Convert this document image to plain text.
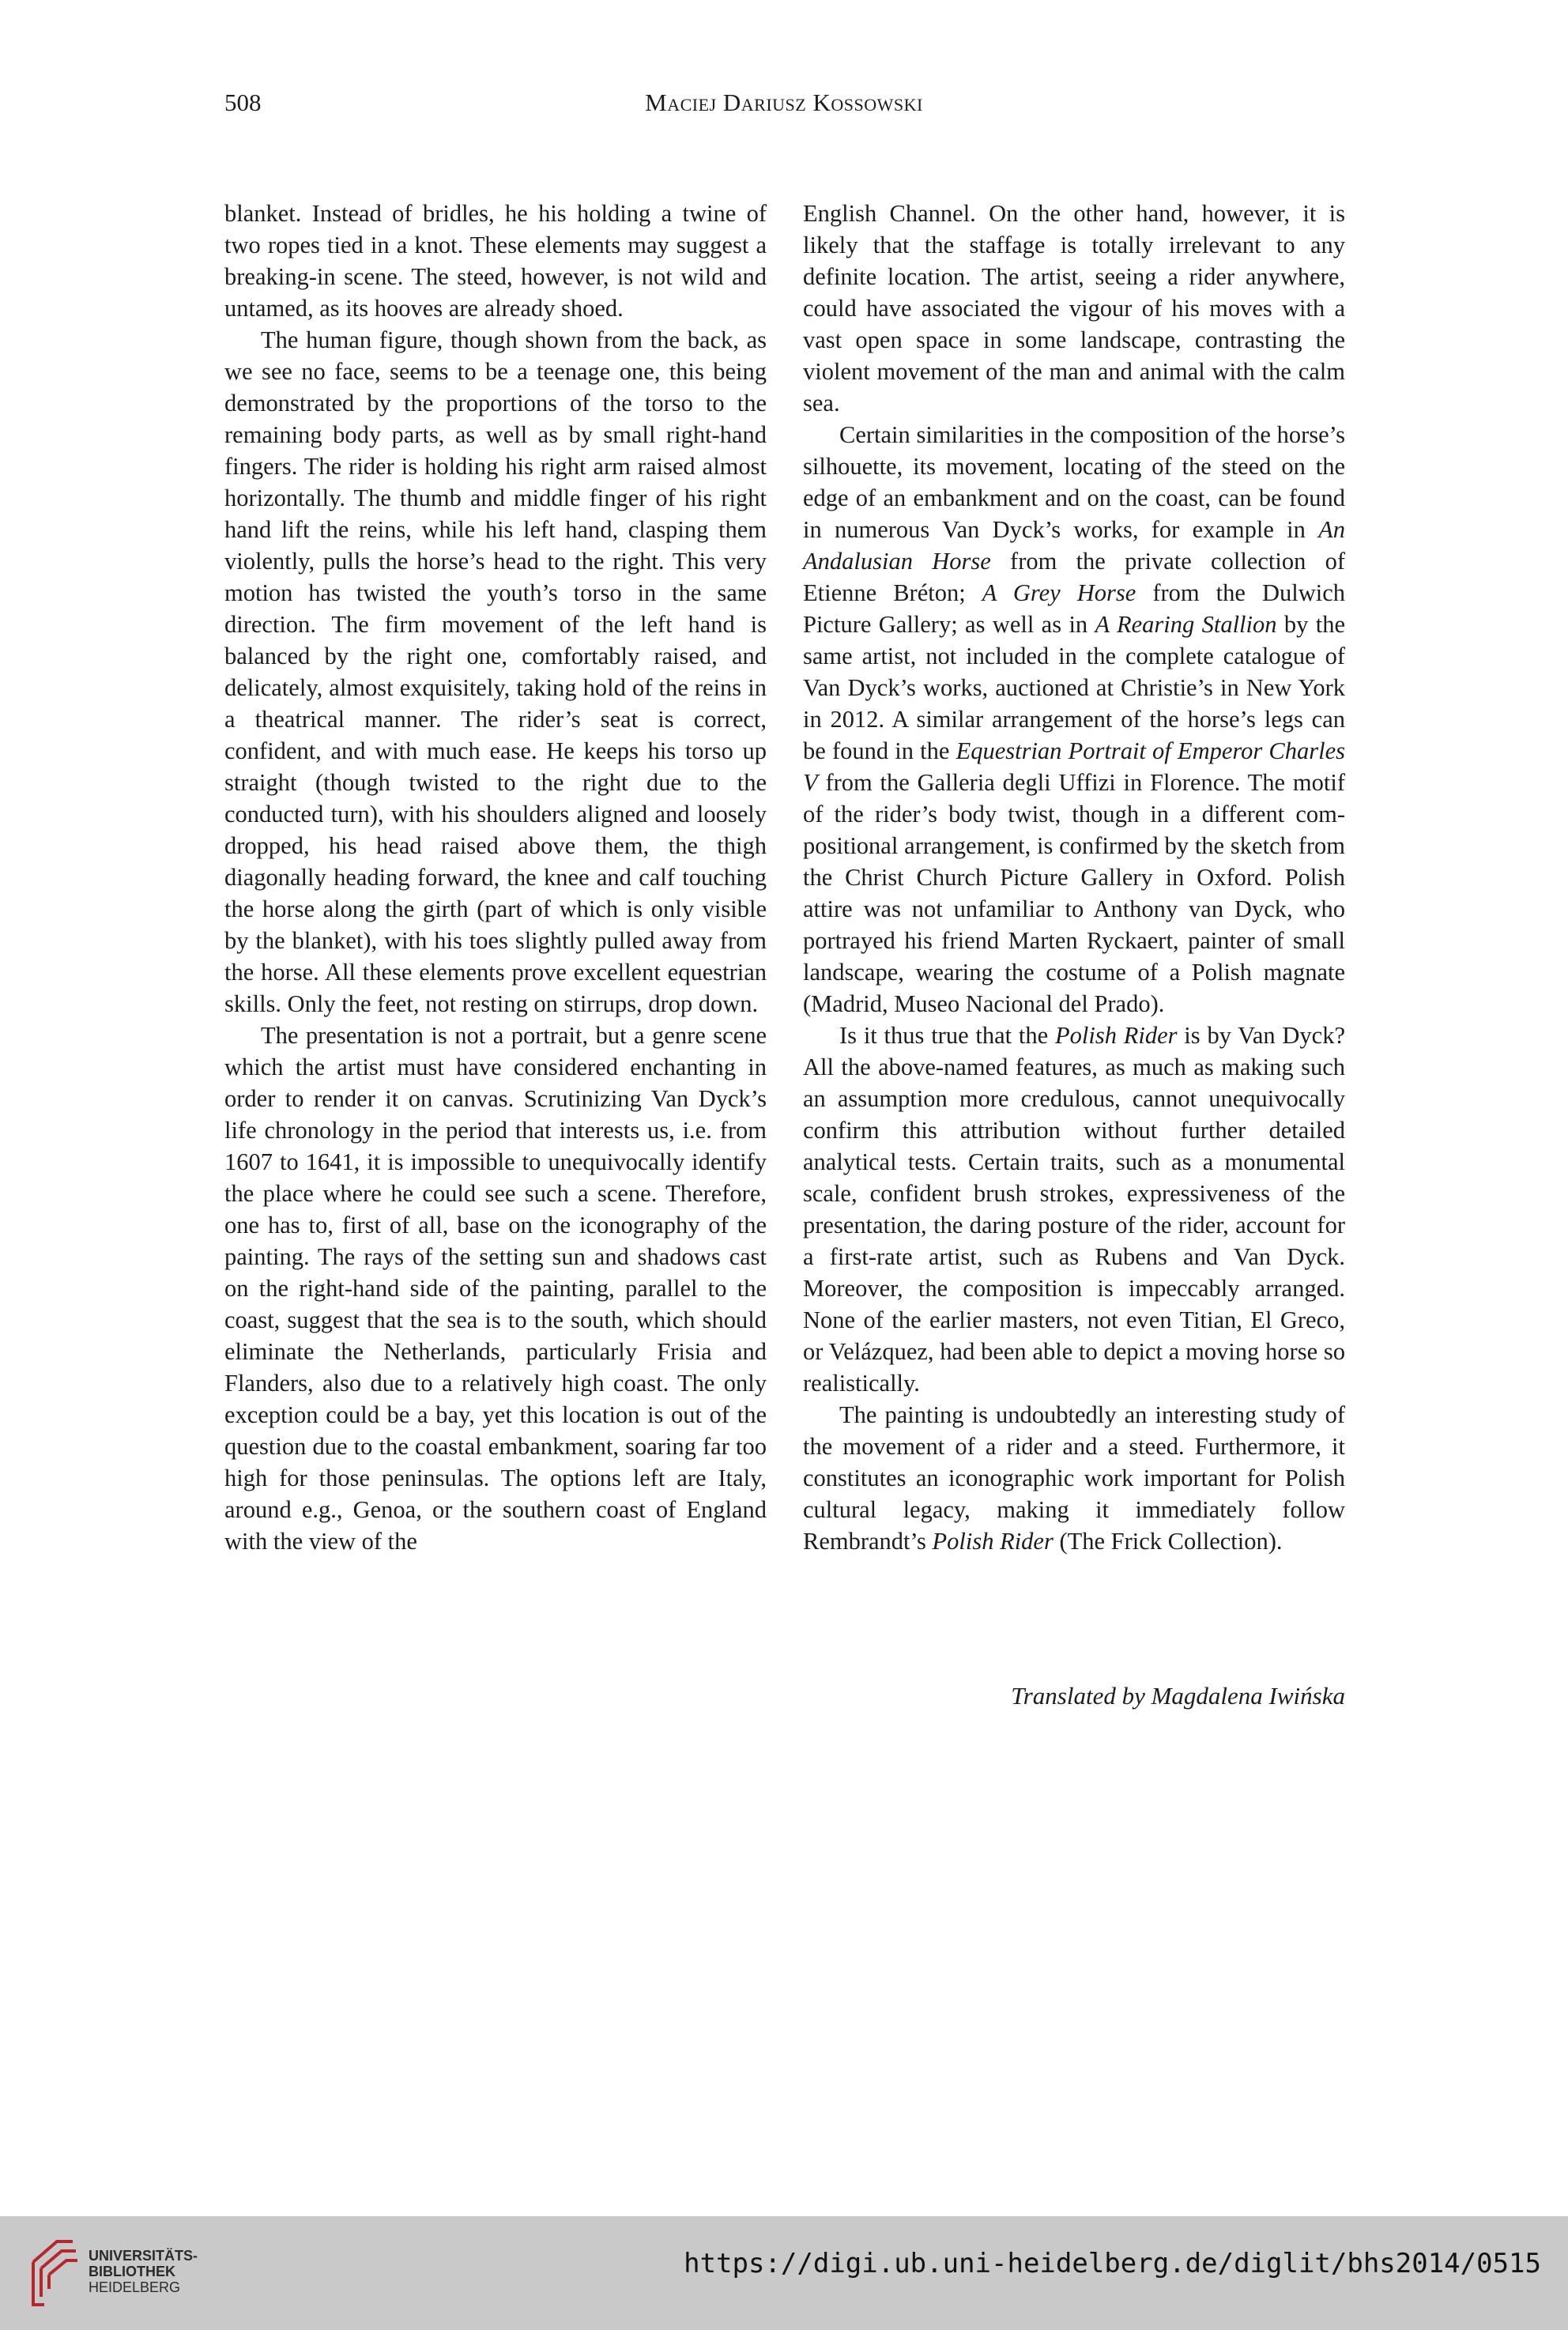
508	Maciej Dariusz Kossowski

blanket. Instead of bridles, he his holding a twine of two ropes tied in a knot. These elements may suggest a breaking-in scene. The steed, however, is not wild and untamed, as its hooves are already shoed.

The human figure, though shown from the back, as we see no face, seems to be a teenage one, this being demonstrated by the proportions of the torso to the remaining body parts, as well as by small right-hand fingers. The rider is holding his right arm raised almost horizontally. The thumb and middle finger of his right hand lift the reins, while his left hand, clasping them violently, pulls the horse’s head to the right. This very motion has twisted the youth’s torso in the same direction. The firm movement of the left hand is balanced by the right one, comfortably raised, and delicately, almost exquisitely, taking hold of the reins in a theatrical manner. The rider’s seat is correct, confident, and with much ease. He keeps his torso up straight (though twisted to the right due to the conducted turn), with his shoulders aligned and loosely dropped, his head raised above them, the thigh diagonally heading forward, the knee and calf touching the horse along the girth (part of which is only visible by the blanket), with his toes slightly pulled away from the horse. All these elements prove excellent equestrian skills. Only the feet, not resting on stirrups, drop down.

The presentation is not a portrait, but a genre scene which the artist must have considered enchanting in order to render it on canvas. Scrutinizing Van Dyck’s life chronology in the period that interests us, i.e. from 1607 to 1641, it is impossible to unequivocally identify the place where he could see such a scene. Therefore, one has to, first of all, base on the iconography of the painting. The rays of the setting sun and shadows cast on the right-hand side of the painting, parallel to the coast, suggest that the sea is to the south, which should eliminate the Netherlands, particularly Frisia and Flanders, also due to a relatively high coast. The only exception could be a bay, yet this location is out of the question due to the coastal embankment, soaring far too high for those peninsulas. The options left are Italy, around e.g., Genoa, or the southern coast of England with the view of the

English Channel. On the other hand, however, it is likely that the staffage is totally irrelevant to any definite location. The artist, seeing a rider anywhere, could have associated the vigour of his moves with a vast open space in some landscape, contrasting the violent movement of the man and animal with the calm sea.

Certain similarities in the composition of the horse’s silhouette, its movement, locating of the steed on the edge of an embankment and on the coast, can be found in numerous Van Dyck’s works, for example in An Andalusian Horse from the private collection of Etienne Bréton; A Grey Horse from the Dulwich Picture Gallery; as well as in A Rearing Stallion by the same artist, not included in the complete catalogue of Van Dyck’s works, auctioned at Christie’s in New York in 2012. A similar arrangement of the horse’s legs can be found in the Equestrian Portrait of Emperor Charles V from the Galleria degli Uffizi in Florence. The motif of the rider’s body twist, though in a different com-positional arrangement, is confirmed by the sketch from the Christ Church Picture Gallery in Oxford. Polish attire was not unfamiliar to Anthony van Dyck, who portrayed his friend Marten Ryckaert, painter of small landscape, wearing the costume of a Polish magnate (Madrid, Museo Nacional del Prado).

Is it thus true that the Polish Rider is by Van Dyck? All the above-named features, as much as making such an assumption more credulous, cannot unequivocally confirm this attribution without further detailed analytical tests. Certain traits, such as a monumental scale, confident brush strokes, expressiveness of the presentation, the daring posture of the rider, account for a first-rate artist, such as Rubens and Van Dyck. Moreover, the composition is impeccably arranged. None of the earlier masters, not even Titian, El Greco, or Velázquez, had been able to depict a moving horse so realistically.

The painting is undoubtedly an interesting study of the movement of a rider and a steed. Furthermore, it constitutes an iconographic work important for Polish cultural legacy, making it immediately follow Rembrandt’s Polish Rider (The Frick Collection).

Translated by Magdalena Iwińska
UNIVERSITÄTS-
BIBLIOTHEK
HEIDELBERG
https://digi.ub.uni-heidelberg.de/diglit/bhs2014/0515
